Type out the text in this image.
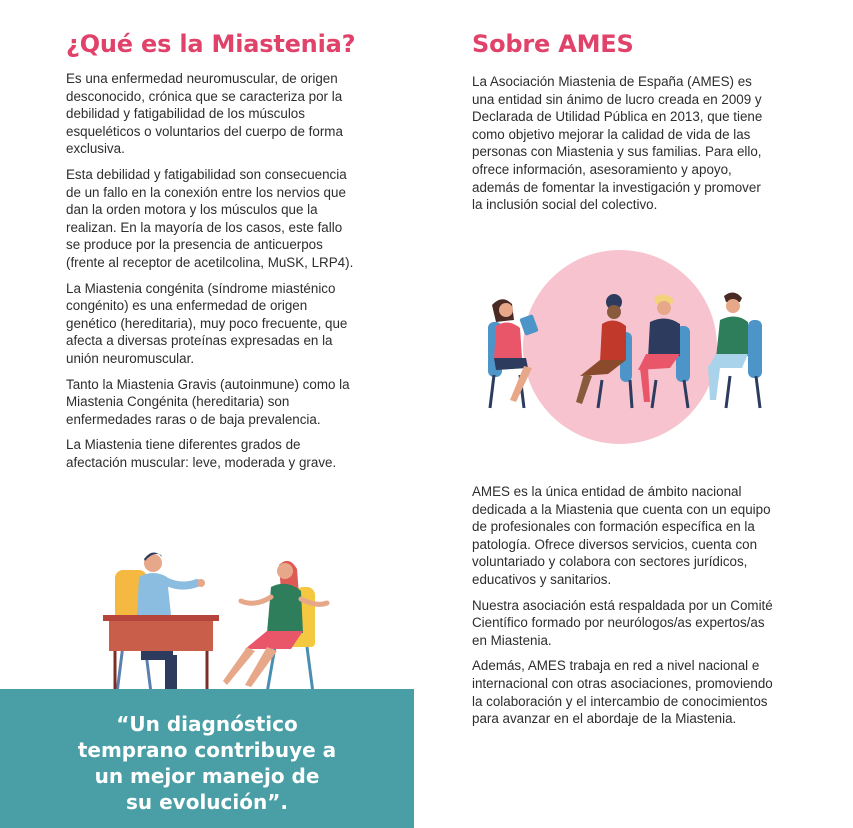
¿Qué es la Miastenia?

Es una enfermedad neuromuscular, de origen desconocido, crónica que se caracteriza por la debilidad y fatigabilidad de los músculos esqueléticos o voluntarios del cuerpo de forma exclusiva.

Esta debilidad y fatigabilidad son consecuencia de un fallo en la conexión entre los nervios que dan la orden motora y los músculos que la realizan. En la mayoría de los casos, este fallo se produce por la presencia de anticuerpos (frente al receptor de acetilcolina, MuSK, LRP4).

La Miastenia congénita (síndrome miasténico congénito) es una enfermedad de origen genético (hereditaria), muy poco frecuente, que afecta a diversas proteínas expresadas en la unión neuromuscular.

Tanto la Miastenia Gravis (autoinmune) como la Miastenia Congénita (hereditaria) son enfermedades raras o de baja prevalencia.

La Miastenia tiene diferentes grados de afectación muscular: leve, moderada y grave.

“Un diagnóstico
temprano contribuye a
un mejor manejo de
su evolución”.
Sobre AMES

La Asociación Miastenia de España (AMES) es una entidad sin ánimo de lucro creada en 2009 y Declarada de Utilidad Pública en 2013, que tiene como objetivo mejorar la calidad de vida de las personas con Miastenia y sus familias. Para ello, ofrece información, asesoramiento y apoyo, además de fomentar la investigación y promover la inclusión social del colectivo.

AMES es la única entidad de ámbito nacional dedicada a la Miastenia que cuenta con un equipo de profesionales con formación específica en la patología. Ofrece diversos servicios, cuenta con voluntariado y colabora con sectores jurídicos, educativos y sanitarios.

Nuestra asociación está respaldada por un Comité Científico formado por neurólogos/as expertos/as en Miastenia.

Además, AMES trabaja en red a nivel nacional e internacional con otras asociaciones, promoviendo la colaboración y el intercambio de conocimientos para avanzar en el abordaje de la Miastenia.
